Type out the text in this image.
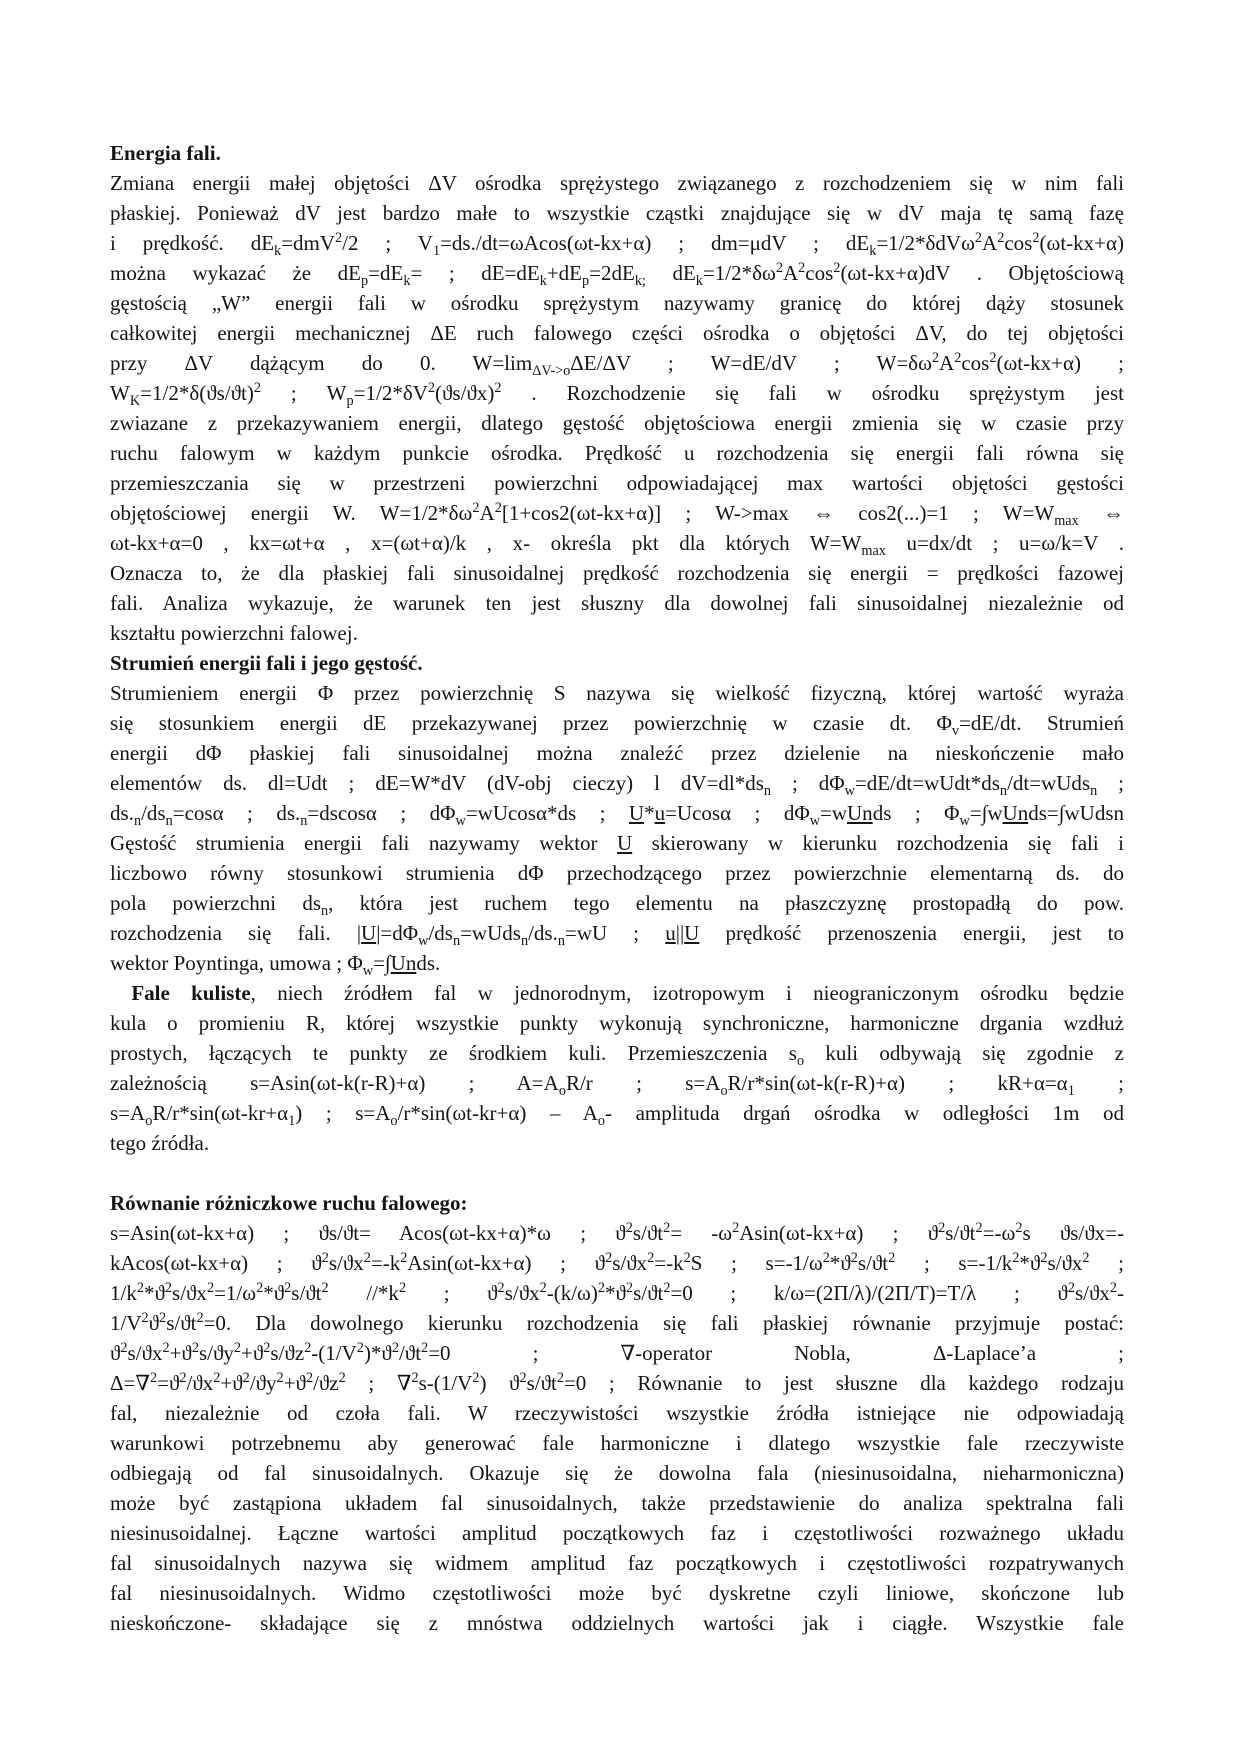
Energia fali.
Zmiana energii małej objętości ΔV ośrodka sprężystego związanego z rozchodzeniem się w nim fali
płaskiej. Ponieważ dV jest bardzo małe to wszystkie cząstki znajdujące się w dV maja tę samą fazę
i prędkość. $dE_k=dmV^2/2$ ; $V_1=ds./dt=\omega Acos(\omega t-kx+\alpha)$ ; dm=μdV ; $dE_k=1/2*\delta dV\omega^2A^2\cos^2(\omega t-kx+\alpha)$
można wykazać że $dE_p=dE_k=$ ; $dE=dE_k+dE_p=2dE_{k;}$ $dE_k=1/2*\delta\omega^2A^2\cos^2(\omega t-kx+\alpha)dV$ . Objętościową
gęstością „W” energii fali w ośrodku sprężystym nazywamy granicę do której dąży stosunek
całkowitej energii mechanicznej ΔE ruch falowego części ośrodka o objętości ΔV, do tej objętości
przy ΔV dążącym do 0. $W=\lim_{\Delta V->o}\Delta E/\Delta V$ ; W=dE/dV ; $W=\delta\omega^2A^2\cos^2(\omega t-kx+\alpha)$ ;
$W_K=1/2*\delta(ϑs/ϑt)^2$ ; $W_p=1/2*\delta V^2(ϑs/ϑx)^2$ . Rozchodzenie się fali w ośrodku sprężystym jest
zwiazane z przekazywaniem energii, dlatego gęstość objętościowa energii zmienia się w czasie przy
ruchu falowym w każdym punkcie ośrodka. Prędkość u rozchodzenia się energii fali równa się
przemieszczania się w przestrzeni powierzchni odpowiadającej max wartości objętości gęstości
objętościowej energii W. $W=1/2*\delta\omega^2A^2[1+\cos 2(\omega t-kx+\alpha)]$ ; W->max ⇔ cos2(...)=1 ; $W=W_{max}$ ⇔
ωt-kx+α=0 , kx=ωt+α , x=(ωt+α)/k , x- określa pkt dla których $W=W_{max}$ u=dx/dt ; u=ω/k=V .
Oznacza to, że dla płaskiej fali sinusoidalnej prędkość rozchodzenia się energii = prędkości fazowej
fali. Analiza wykazuje, że warunek ten jest słuszny dla dowolnej fali sinusoidalnej niezależnie od
kształtu powierzchni falowej.
Strumień energii fali i jego gęstość.
Strumieniem energii Φ przez powierzchnię S nazywa się wielkość fizyczną, której wartość wyraża
się stosunkiem energii dE przekazywanej przez powierzchnię w czasie dt. $\Phi_v=dE/dt$. Strumień
energii dΦ płaskiej fali sinusoidalnej można znaleźć przez dzielenie na nieskończenie mało
elementów ds. dl=Udt ; dE=W*dV (dV-obj cieczy) l $dV=dl*ds_n$ ; $d\Phi_w=dE/dt=wUdt*ds_n/dt=wUds_n$ ;
$ds._n/ds_n=\cos\alpha$ ; $ds._n=dscos\alpha$ ; $d\Phi_w=wUcos\alpha*ds$ ; U*u=Ucosα ; $d\Phi_w=wUnds$ ; $\Phi_w=\int wUnds=\int wUdsn$
Gęstość strumienia energii fali nazywamy wektor U skierowany w kierunku rozchodzenia się fali i
liczbowo równy stosunkowi strumienia dΦ przechodzącego przez powierzchnie elementarną ds. do
pola powierzchni $ds_n$, która jest ruchem tego elementu na płaszczyznę prostopadłą do pow.
rozchodzenia się fali. $|U|=d\Phi_w/ds_n=wUds_n/ds._n=wU$ ; u||U prędkość przenoszenia energii, jest to
wektor Poyntinga, umowa ; $\Phi_w=\int Unds$.
Fale kuliste, niech źródłem fal w jednorodnym, izotropowym i nieograniczonym ośrodku będzie
kula o promieniu R, której wszystkie punkty wykonują synchroniczne, harmoniczne drgania wzdłuż
prostych, łączących te punkty ze środkiem kuli. Przemieszczenia $s_o$ kuli odbywają się zgodnie z
zależnością s=Asin(ωt-k(r-R)+α) ; $A=A_oR/r$ ; $s=A_oR/r*\sin(\omega t-k(r-R)+\alpha)$ ; $kR+\alpha=\alpha_1$ ;
$s=A_oR/r*\sin(\omega t-kr+\alpha_1)$ ; $s=A_o/r*\sin(\omega t-kr+\alpha) - A_o-$ amplituda drgań ośrodka w odległości 1m od
tego źródła.
Równanie różniczkowe ruchu falowego:
s=Asin(ωt-kx+α) ; ϑs/ϑt= Acos(ωt-kx+α)*ω ; $ϑ^2s/ϑt^2= -\omega^2Asin(\omega t-kx+\alpha)$ ; $ϑ^2s/ϑt^2=-\omega^2s$ ϑs/ϑx=-
kAcos(ωt-kx+α) ; $ϑ^2s/ϑx^2=-k^2Asin(\omega t-kx+\alpha)$ ; $ϑ^2s/ϑx^2=-k^2S$ ; $s=-1/\omega^2*ϑ^2s/ϑt^2$ ; $s=-1/k^2*ϑ^2s/ϑx^2$ ;
$1/k^2*ϑ^2s/ϑx^2=1/\omega^2*ϑ^2s/ϑt^2$ $//*k^2$ ; $ϑ^2s/ϑx^2-(k/\omega)^2*ϑ^2s/ϑt^2=0$ ; k/ω=(2Π/λ)/(2Π/T)=T/λ ; $ϑ^2s/ϑx^2-$
$1/V^2ϑ^2s/ϑt^2=0$. Dla dowolnego kierunku rozchodzenia się fali płaskiej równanie przyjmuje postać:
$ϑ^2s/ϑx^2+ϑ^2s/ϑy^2+ϑ^2s/ϑz^2-(1/V^2)*ϑ^2/ϑt^2=0$ ; ∇-operator Nobla, Δ-Laplace’a ;
$\Delta=\nabla^2=ϑ^2/ϑx^2+ϑ^2/ϑy^2+ϑ^2/ϑz^2$ ; $\nabla^2s-(1/V^2)$ $ϑ^2s/ϑt^2=0$ ; Równanie to jest słuszne dla każdego rodzaju
fal, niezależnie od czoła fali. W rzeczywistości wszystkie źródła istniejące nie odpowiadają
warunkowi potrzebnemu aby generować fale harmoniczne i dlatego wszystkie fale rzeczywiste
odbiegają od fal sinusoidalnych. Okazuje się że dowolna fala (niesinusoidalna, nieharmoniczna)
może być zastąpiona układem fal sinusoidalnych, także przedstawienie do analiza spektralna fali
niesinusoidalnej. Łączne wartości amplitud początkowych faz i częstotliwości rozważnego układu
fal sinusoidalnych nazywa się widmem amplitud faz początkowych i częstotliwości rozpatrywanych
fal niesinusoidalnych. Widmo częstotliwości może być dyskretne czyli liniowe, skończone lub
nieskończone- składające się z mnóstwa oddzielnych wartości jak i ciągłe. Wszystkie fale
